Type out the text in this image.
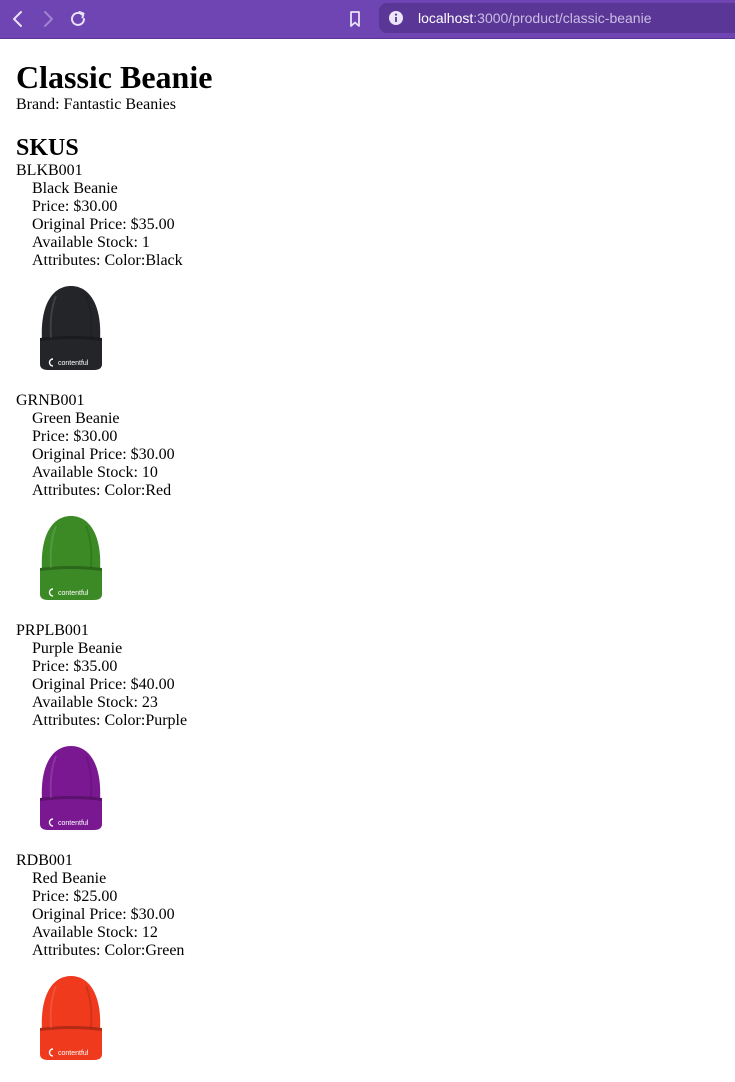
localhost:3000/product/classic-beanie
Classic Beanie

Brand: Fantastic Beanies

SKUS

BLKB001

Black Beanie
Price: $30.00
Original Price: $35.00
Available Stock: 1
Attributes: Color:Black
contentful

GRNB001

Green Beanie
Price: $30.00
Original Price: $30.00
Available Stock: 10
Attributes: Color:Red
contentful

PRPLB001

Purple Beanie
Price: $35.00
Original Price: $40.00
Available Stock: 23
Attributes: Color:Purple
contentful

RDB001

Red Beanie
Price: $25.00
Original Price: $30.00
Available Stock: 12
Attributes: Color:Green
contentful
